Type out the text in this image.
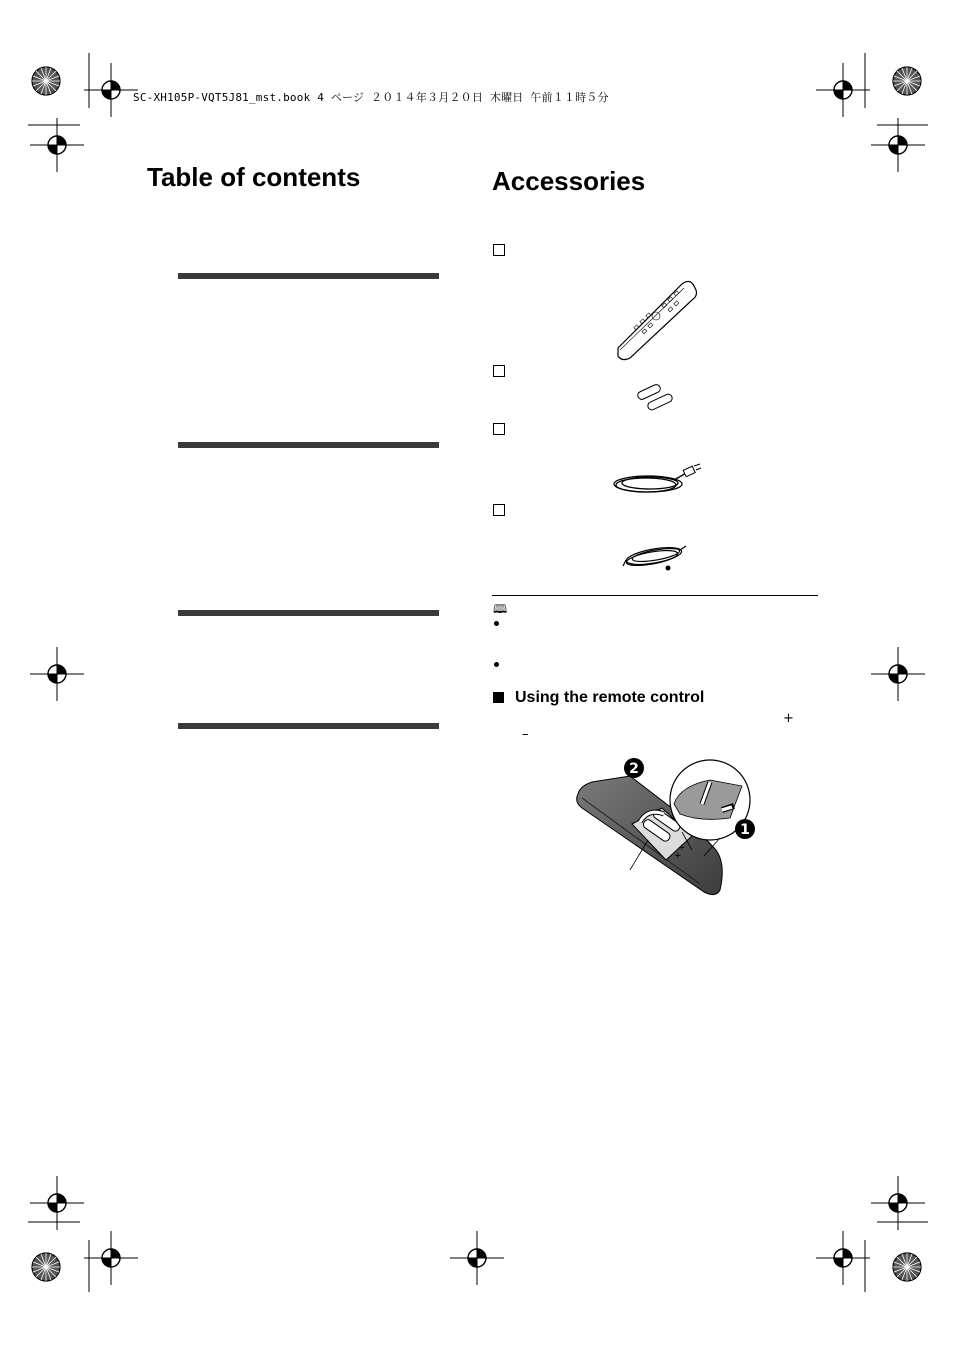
SC-XH105P-VQT5J81_mst.book 4 ページ ２０１４年３月２０日 木曜日 午前１１時５分
Table of contents	Accessories
🕮
Using the remote control
+
–
+
+
2
1
